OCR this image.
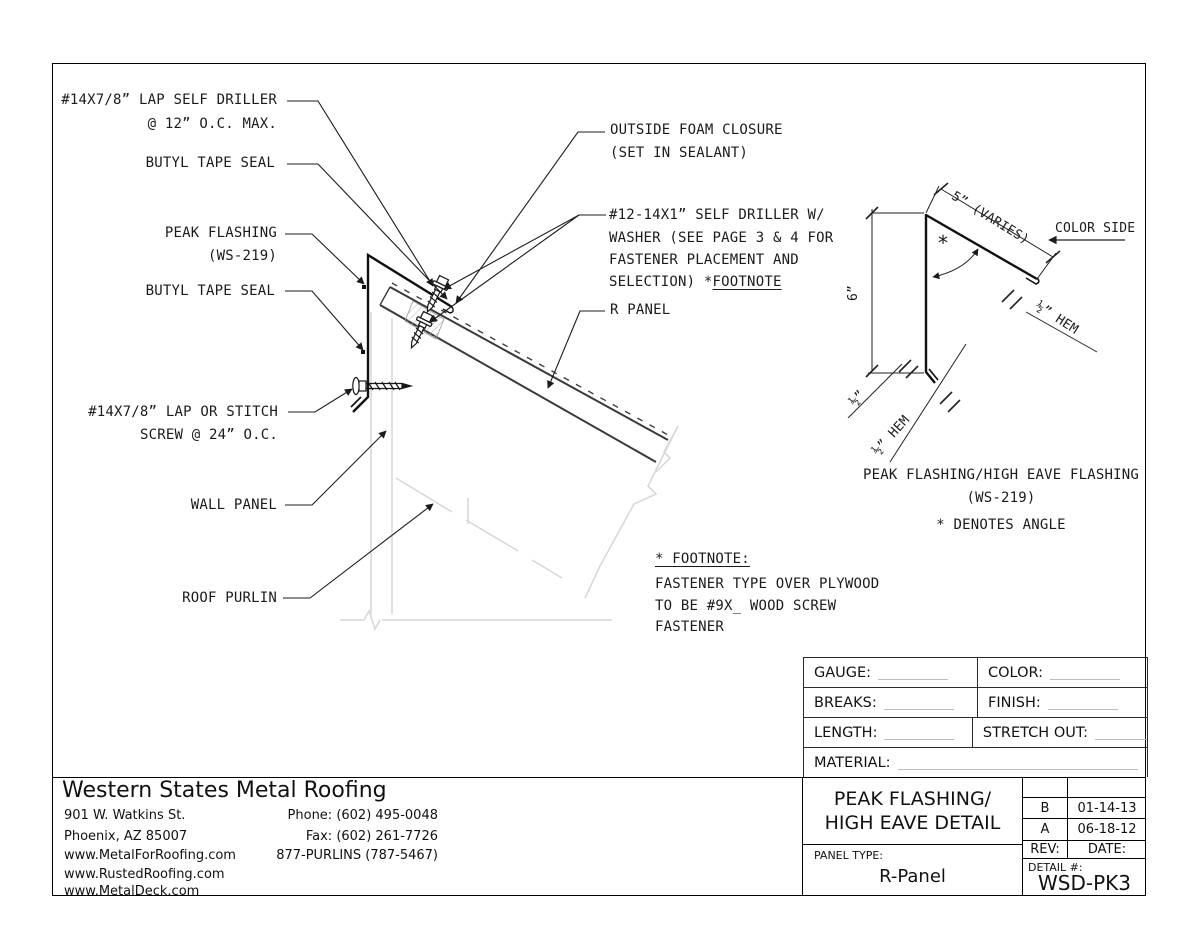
#14X7/8” LAP SELF DRILLER
@ 12” O.C. MAX.
BUTYL TAPE SEAL
PEAK FLASHING
(WS-219)
BUTYL TAPE SEAL
#14X7/8” LAP OR STITCH
SCREW @ 24” O.C.
WALL PANEL
ROOF PURLIN
OUTSIDE FOAM CLOSURE
(SET IN SEALANT)
#12-14X1” SELF DRILLER W/
WASHER (SEE PAGE 3 & 4 FOR
FASTENER PLACEMENT AND
SELECTION) *FOOTNOTE
R PANEL
5” (VARIES) COLOR SIDE
6”
½” HEM
½”
½” HEM
*
PEAK FLASHING/HIGH EAVE FLASHING
(WS-219)
* DENOTES ANGLE
* FOOTNOTE:
FASTENER TYPE OVER PLYWOOD
TO BE #9X_ WOOD SCREW
FASTENER
GAUGE:	COLOR:
BREAKS:	FINISH:
LENGTH:	STRETCH OUT:
MATERIAL:
Western States Metal Roofing
901 W. Watkins St.
Phoenix, AZ 85007
www.MetalForRoofing.com
www.RustedRoofing.com
www.MetalDeck.com
Phone: (602) 495-0048
Fax: (602) 261-7726
877-PURLINS (787-5467)
PEAK FLASHING/
HIGH EAVE DETAIL
PANEL TYPE:
R-Panel
B	01-14-13
A	06-18-12
REV:	DATE:
DETAIL #:
WSD-PK3
